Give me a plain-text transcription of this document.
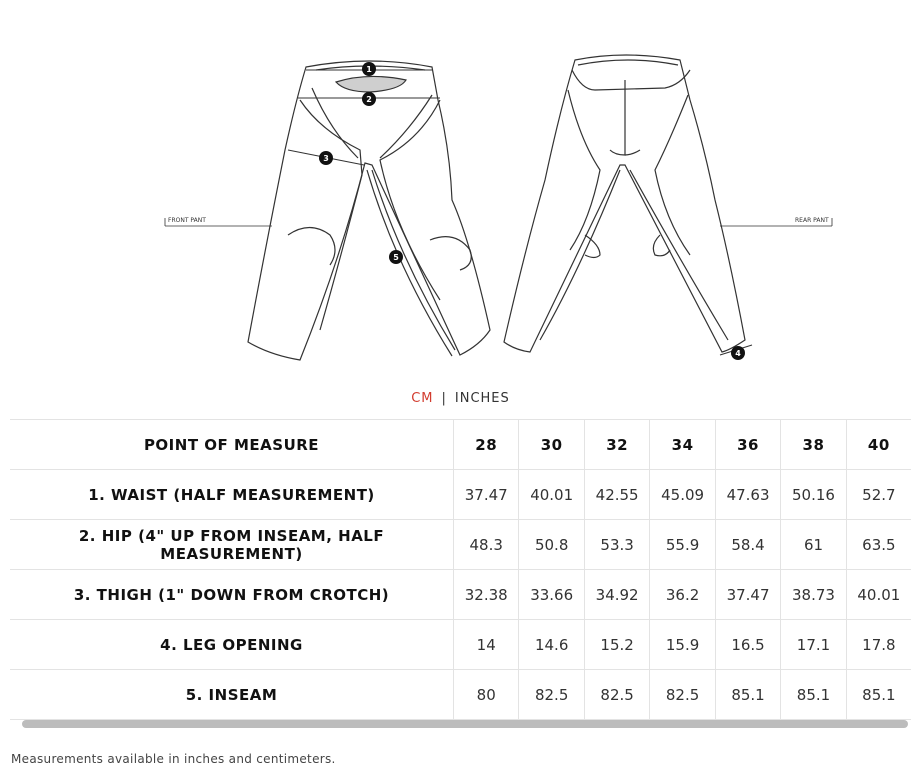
FRONT PANT	REAR PANT
1
2
3
4
5
CM | INCHES
POINT OF MEASURE	28	30	32	34	36	38	40
1. WAIST (HALF MEASUREMENT)	37.47	40.01	42.55	45.09	47.63	50.16	52.7
2. HIP (4" UP FROM INSEAM, HALF MEASUREMENT)	48.3	50.8	53.3	55.9	58.4	61	63.5
3. THIGH (1" DOWN FROM CROTCH)	32.38	33.66	34.92	36.2	37.47	38.73	40.01
4. LEG OPENING	14	14.6	15.2	15.9	16.5	17.1	17.8
5. INSEAM	80	82.5	82.5	82.5	85.1	85.1	85.1
Measurements available in inches and centimeters.
